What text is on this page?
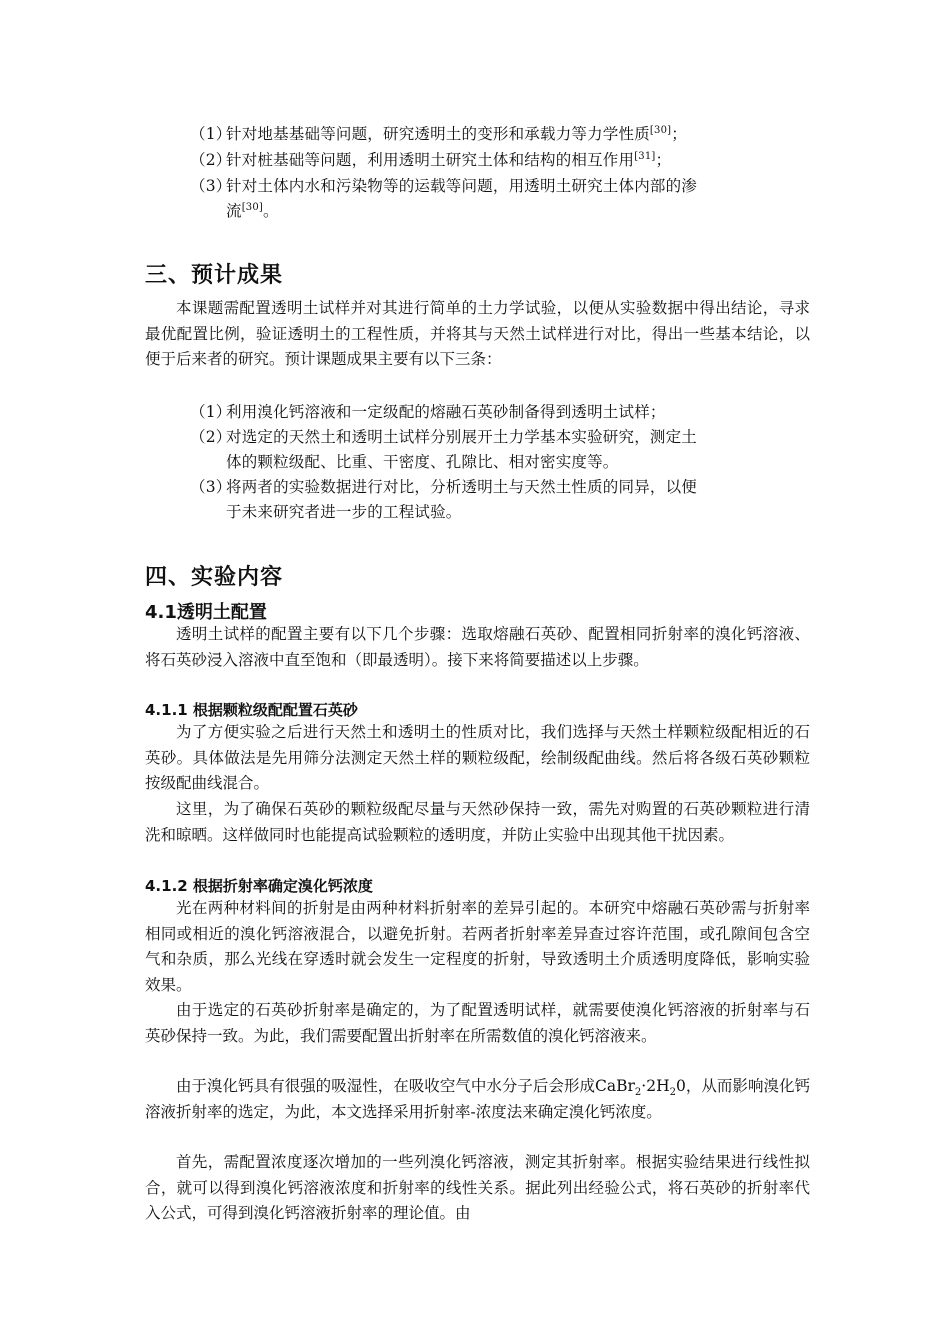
（1）
针对地基基础等问题，研究透明土的变形和承载力等力学性质[30]；
（2）
针对桩基础等问题，利用透明土研究土体和结构的相互作用[31]；
（3）
针对土体内水和污染物等的运载等问题，用透明土研究土体内部的渗
流[30]。
三、预计成果

本课题需配置透明土试样并对其进行简单的土力学试验，以便从实验数据中得出结论，寻求最优配置比例，验证透明土的工程性质，并将其与天然土试样进行对比，得出一些基本结论，以便于后来者的研究。预计课题成果主要有以下三条：

（1）
利用溴化钙溶液和一定级配的熔融石英砂制备得到透明土试样；
（2）
对选定的天然土和透明土试样分别展开土力学基本实验研究，测定土
体的颗粒级配、比重、干密度、孔隙比、相对密实度等。
（3）
将两者的实验数据进行对比，分析透明土与天然土性质的同异，以便
于未来研究者进一步的工程试验。
四、实验内容
4.1透明土配置

透明土试样的配置主要有以下几个步骤：选取熔融石英砂、配置相同折射率的溴化钙溶液、将石英砂浸入溶液中直至饱和（即最透明）。接下来将简要描述以上步骤。

4.1.1 根据颗粒级配配置石英砂

为了方便实验之后进行天然土和透明土的性质对比，我们选择与天然土样颗粒级配相近的石英砂。具体做法是先用筛分法测定天然土样的颗粒级配，绘制级配曲线。然后将各级石英砂颗粒按级配曲线混合。

这里，为了确保石英砂的颗粒级配尽量与天然砂保持一致，需先对购置的石英砂颗粒进行清洗和晾晒。这样做同时也能提高试验颗粒的透明度，并防止实验中出现其他干扰因素。

4.1.2 根据折射率确定溴化钙浓度

光在两种材料间的折射是由两种材料折射率的差异引起的。本研究中熔融石英砂需与折射率相同或相近的溴化钙溶液混合，以避免折射。若两者折射率差异查过容许范围，或孔隙间包含空气和杂质，那么光线在穿透时就会发生一定程度的折射，导致透明土介质透明度降低，影响实验效果。

由于选定的石英砂折射率是确定的，为了配置透明试样，就需要使溴化钙溶液的折射率与石英砂保持一致。为此，我们需要配置出折射率在所需数值的溴化钙溶液来。

由于溴化钙具有很强的吸湿性，在吸收空气中水分子后会形成$CaBr_2\cdot 2H_20$，从而影响溴化钙溶液折射率的选定，为此，本文选择采用折射率-浓度法来确定溴化钙浓度。

首先，需配置浓度逐次增加的一些列溴化钙溶液，测定其折射率。根据实验结果进行线性拟合，就可以得到溴化钙溶液浓度和折射率的线性关系。据此列出经验公式，将石英砂的折射率代入公式，可得到溴化钙溶液折射率的理论值。由
